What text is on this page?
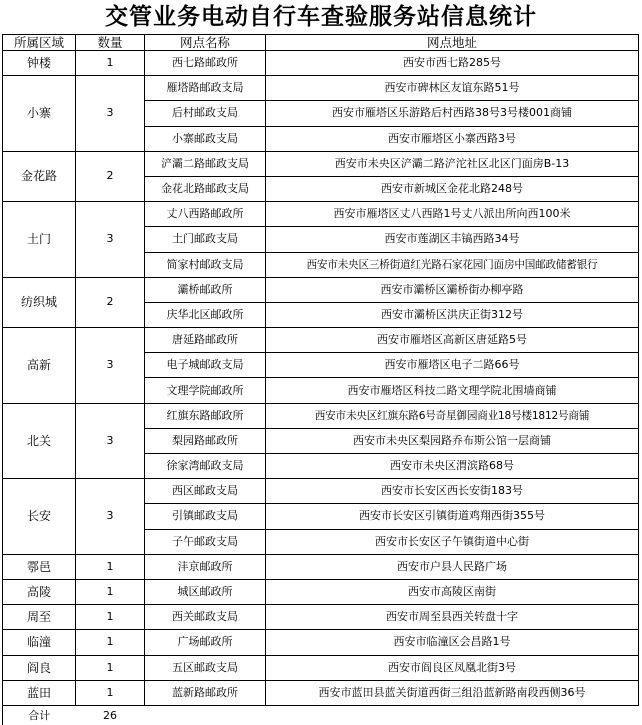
交管业务电动自行车查验服务站信息统计
所属区域	数量	网点名称	网点地址
钟楼	1	西七路邮政所	西安市西七路285号
小寨	3	雁塔路邮政支局	西安市碑林区友谊东路51号
		后村邮政支局	西安市雁塔区乐游路后村西路38号3号楼001商铺
		小寨邮政支局	西安市雁塔区小寨西路3号
金花路	2	浐灞二路邮政支局	西安市未央区浐灞二路浐沱社区北区门面房B-13
		金花北路邮政支局	西安市新城区金花北路248号
土门	3	丈八西路邮政所	西安市雁塔区丈八西路1号丈八派出所向西100米
		土门邮政支局	西安市莲湖区丰镐西路34号
		简家村邮政支局	西安市未央区三桥街道红光路石家花园门面房中国邮政储蓄银行
纺织城	2	灞桥邮政所	西安市灞桥区灞桥街办柳亭路
		庆华北区邮政所	西安市灞桥区洪庆正街312号
高新	3	唐延路邮政所	西安市雁塔区高新区唐延路5号
		电子城邮政支局	西安市雁塔区电子二路66号
		文理学院邮政所	西安市雁塔区科技二路文理学院北围墙商铺
北关	3	红旗东路邮政所	西安市未央区红旗东路6号奇星御园商业18号楼1812号商铺
		梨园路邮政所	西安市未央区梨园路乔布斯公馆一层商铺
		徐家湾邮政支局	西安市未央区渭滨路68号
长安	3	西区邮政支局	西安市长安区西长安街183号
		引镇邮政支局	西安市长安区引镇街道鸡翔西街355号
		子午邮政支局	西安市长安区子午镇街道中心街
鄠邑	1	沣京邮政所	西安市户县人民路广场
高陵	1	城区邮政所	西安市高陵区南街
周至	1	西关邮政支局	西安市周至县西关转盘十字
临潼	1	广场邮政所	西安市临潼区会昌路1号
阎良	1	五区邮政支局	西安市阎良区凤凰北街3号
蓝田	1	蓝新路邮政所	西安市蓝田县蓝关街道西街三组沿蓝新路南段西侧36号
合计	26		
